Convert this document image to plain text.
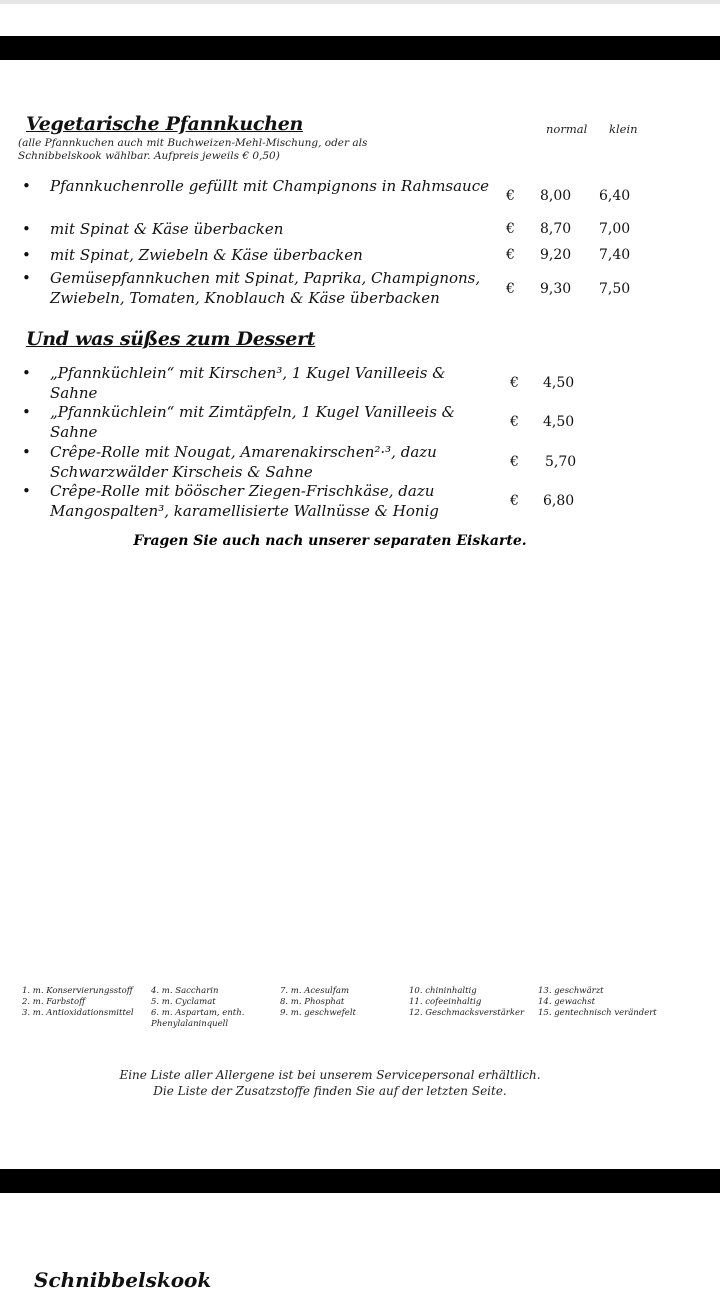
Vegetarische Pfannkuchen	normal klein
(alle Pfannkuchen auch mit Buchweizen-Mehl-Mischung, oder als Schnibbelskook wählbar. Aufpreis jeweils € 0,50)
• Pfannkuchenrolle gefüllt mit Champignons in Rahmsauce
€ 8,00 6,40
• mit Spinat & Käse überbacken	€ 8,70 7,00
• mit Spinat, Zwiebeln & Käse überbacken	€ 9,20 7,40
• Gemüsepfannkuchen mit Spinat, Paprika, Champignons, Zwiebeln, Tomaten, Knoblauch & Käse überbacken	€ 9,30 7,50
Und was süßes zum Dessert
• „Pfannküchlein“ mit Kirschen³, 1 Kugel Vanilleeis & Sahne
€ 4,50
• „Pfannküchlein“ mit Zimtäpfeln, 1 Kugel Vanilleeis & Sahne
€ 4,50
• Crêpe-Rolle mit Nougat, Amarenakirschen²·³, dazu Schwarzwälder Kirscheis & Sahne
€ 5,70
• Crêpe-Rolle mit bööscher Ziegen-Frischkäse, dazu Mangospalten³, karamellisierte Wallnüsse & Honig
€ 6,80
Fragen Sie auch nach unserer separaten Eiskarte.
1. m. Konservierungsstoff
2. m. Farbstoff
3. m. Antioxidationsmittel
4. m. Saccharin
5. m. Cyclamat
6. m. Aspartam, enth. Phenylalaninquell
7. m. Acesulfam
8. m. Phosphat
9. m. geschwefelt
10. chininhaltig
11. cofeeinhaltig
12. Geschmacksverstärker
13. geschwärzt
14. gewachst
15. gentechnisch verändert
Eine Liste aller Allergene ist bei unserem Servicepersonal erhältlich.
Die Liste der Zusatzstoffe finden Sie auf der letzten Seite.
Schnibbelskook
